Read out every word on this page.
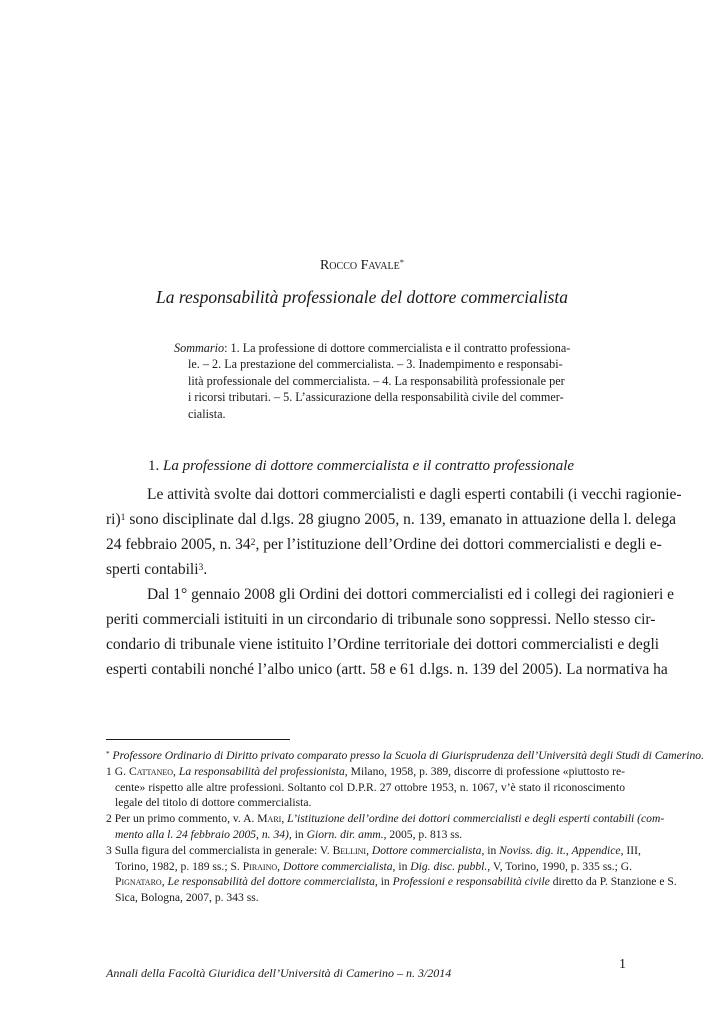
Rocco Favale*
La responsabilità professionale del dottore commercialista
Sommario: 1. La professione di dottore commercialista e il contratto professiona-
le. – 2. La prestazione del commercialista. – 3. Inadempimento e responsabi-
lità professionale del commercialista. – 4. La responsabilità professionale per
i ricorsi tributari. – 5. L’assicurazione della responsabilità civile del commer-
cialista.
1. La professione di dottore commercialista e il contratto professionale
Le attività svolte dai dottori commercialisti e dagli esperti contabili (i vecchi ragionie-
ri)$^1$ sono disciplinate dal d.lgs. 28 giugno 2005, n. 139, emanato in attuazione della l. delega
24 febbraio 2005, n. $34^2$, per l’istituzione dell’Ordine dei dottori commercialisti e degli e-
sperti contabili$^3$.
Dal 1° gennaio 2008 gli Ordini dei dottori commercialisti ed i collegi dei ragionieri e
periti commerciali istituiti in un circondario di tribunale sono soppressi. Nello stesso cir-
condario di tribunale viene istituito l’Ordine territoriale dei dottori commercialisti e degli
esperti contabili nonché l’albo unico (artt. 58 e 61 d.lgs. n. 139 del 2005). La normativa ha
* Professore Ordinario di Diritto privato comparato presso la Scuola di Giurisprudenza dell’Università degli Studi di Camerino.
1 G. Cattaneo, La responsabilità del professionista, Milano, 1958, p. 389, discorre di professione «piuttosto re-
cente» rispetto alle altre professioni. Soltanto col D.P.R. 27 ottobre 1953, n. 1067, v’è stato il riconoscimento
legale del titolo di dottore commercialista.
2 Per un primo commento, v. A. Mari, L’istituzione dell’ordine dei dottori commercialisti e degli esperti contabili (com-
mento alla l. 24 febbraio 2005, n. 34), in Giorn. dir. amm., 2005, p. 813 ss.
3 Sulla figura del commercialista in generale: V. Bellini, Dottore commercialista, in Noviss. dig. it., Appendice, III,
Torino, 1982, p. 189 ss.; S. Piraino, Dottore commercialista, in Dig. disc. pubbl., V, Torino, 1990, p. 335 ss.; G.
Pignataro, Le responsabilità del dottore commercialista, in Professioni e responsabilità civile diretto da P. Stanzione e S.
Sica, Bologna, 2007, p. 343 ss.
1
Annali della Facoltà Giuridica dell’Università di Camerino – n. 3/2014
